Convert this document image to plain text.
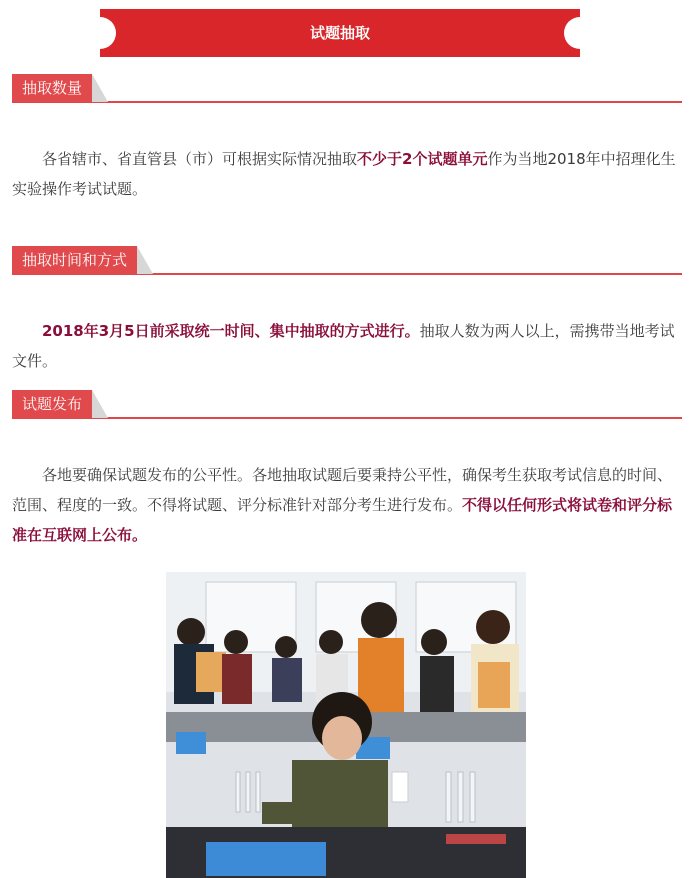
试题抽取
抽取数量
各省辖市、省直管县（市）可根据实际情况抽取不少于2个试题单元作为当地2018年中招理化生实验操作考试试题。
抽取时间和方式
2018年3月5日前采取统一时间、集中抽取的方式进行。抽取人数为两人以上，需携带当地考试文件。
试题发布
各地要确保试题发布的公平性。各地抽取试题后要秉持公平性，确保考生获取考试信息的时间、范围、程度的一致。不得将试题、评分标准针对部分考生进行发布。不得以任何形式将试卷和评分标准在互联网上公布。
